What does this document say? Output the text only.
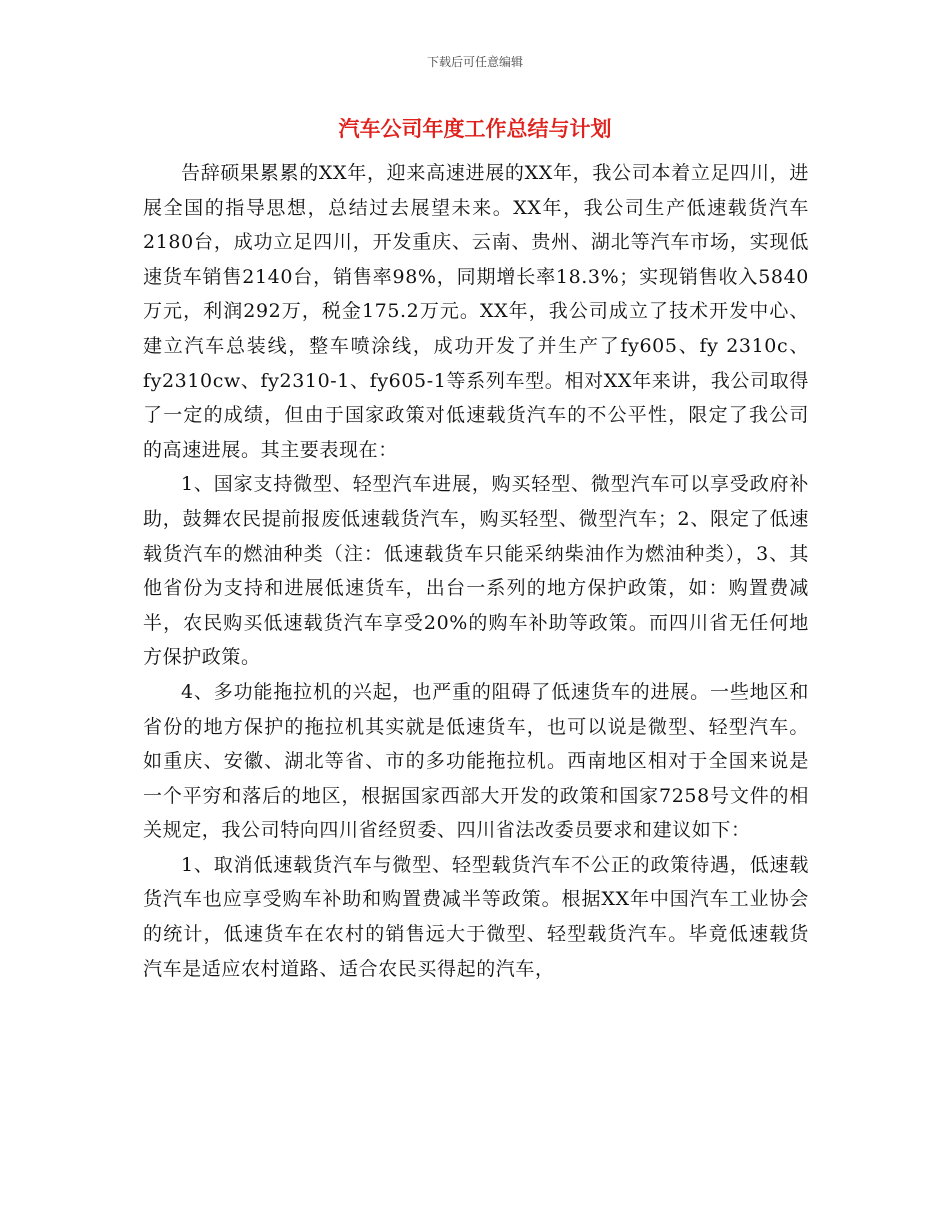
下载后可任意编辑
汽车公司年度工作总结与计划

告辞硕果累累的XX年，迎来高速进展的XX年，我公司本着立足四川，进展全国的指导思想，总结过去展望未来。XX年，我公司生产低速载货汽车2180台，成功立足四川，开发重庆、云南、贵州、湖北等汽车市场，实现低速货车销售2140台，销售率98%，同期增长率18.3%；实现销售收入5840万元，利润292万，税金175.2万元。XX年，我公司成立了技术开发中心、建立汽车总装线，整车喷涂线，成功开发了并生产了fy605、fy 2310c、fy2310cw、fy2310-1、fy605-1等系列车型。相对XX年来讲，我公司取得了一定的成绩，但由于国家政策对低速载货汽车的不公平性，限定了我公司的高速进展。其主要表现在：

1、国家支持微型、轻型汽车进展，购买轻型、微型汽车可以享受政府补助，鼓舞农民提前报废低速载货汽车，购买轻型、微型汽车；2、限定了低速载货汽车的燃油种类（注：低速载货车只能采纳柴油作为燃油种类），3、其他省份为支持和进展低速货车，出台一系列的地方保护政策，如：购置费减半，农民购买低速载货汽车享受20%的购车补助等政策。而四川省无任何地方保护政策。

4、多功能拖拉机的兴起，也严重的阻碍了低速货车的进展。一些地区和省份的地方保护的拖拉机其实就是低速货车，也可以说是微型、轻型汽车。如重庆、安徽、湖北等省、市的多功能拖拉机。西南地区相对于全国来说是一个平穷和落后的地区，根据国家西部大开发的政策和国家7258号文件的相关规定，我公司特向四川省经贸委、四川省法改委员要求和建议如下：

1、取消低速载货汽车与微型、轻型载货汽车不公正的政策待遇，低速载货汽车也应享受购车补助和购置费减半等政策。根据XX年中国汽车工业协会的统计，低速货车在农村的销售远大于微型、轻型载货汽车。毕竟低速载货汽车是适应农村道路、适合农民买得起的汽车，
